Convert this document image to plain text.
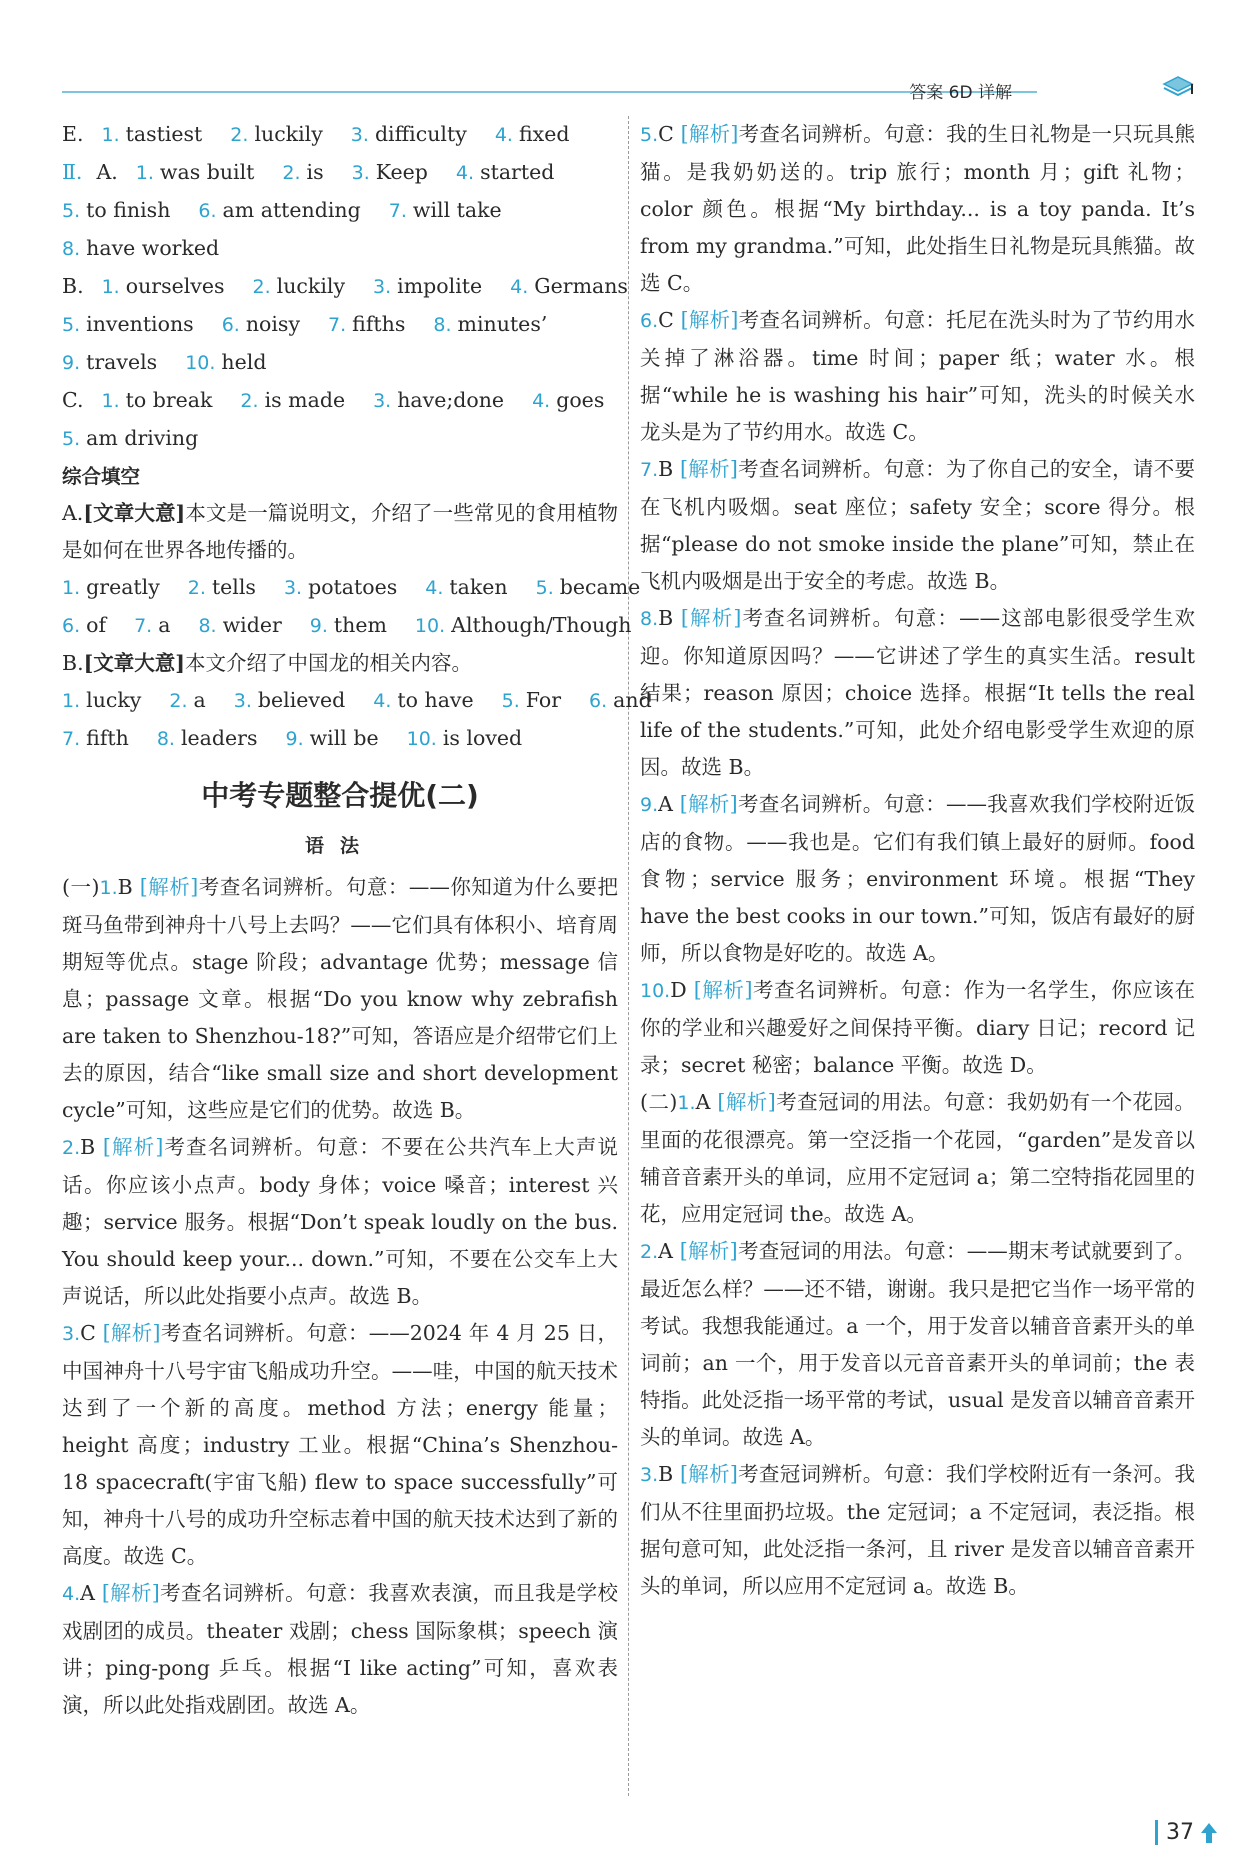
答案 6D 详解
E. 1. tastiest 2. luckily 3. difficulty 4. fixed
Ⅱ. A. 1. was built 2. is 3. Keep 4. started
5. to finish 6. am attending 7. will take
8. have worked
B. 1. ourselves 2. luckily 3. impolite 4. Germans
5. inventions 6. noisy 7. fifths 8. minutes’
9. travels 10. held
C. 1. to break 2. is made 3. have;done 4. goes
5. am driving
综合填空
A.[文章大意]本文是一篇说明文，介绍了一些常见的食用植物是如何在世界各地传播的。
1. greatly 2. tells 3. potatoes 4. taken 5. became
6. of 7. a 8. wider 9. them 10. Although/Though
B.[文章大意]本文介绍了中国龙的相关内容。
1. lucky 2. a 3. believed 4. to have 5. For 6. and
7. fifth 8. leaders 9. will be 10. is loved
中考专题整合提优(二)
语法
(一)1.B [解析]考查名词辨析。句意：——你知道为什么要把斑马鱼带到神舟十八号上去吗？——它们具有体积小、培育周期短等优点。stage 阶段；advantage 优势；message 信息；passage 文章。根据“Do you know why zebrafish are taken to Shenzhou-18?”可知，答语应是介绍带它们上去的原因，结合“like small size and short development cycle”可知，这些应是它们的优势。故选 B。
2.B [解析]考查名词辨析。句意：不要在公共汽车上大声说话。你应该小点声。body 身体；voice 嗓音；interest 兴趣；service 服务。根据“Don’t speak loudly on the bus. You should keep your... down.”可知，不要在公交车上大声说话，所以此处指要小点声。故选 B。
3.C [解析]考查名词辨析。句意：——2024 年 4 月 25 日，中国神舟十八号宇宙飞船成功升空。——哇，中国的航天技术达到了一个新的高度。method 方法；energy 能量；height 高度；industry 工业。根据“China’s Shenzhou-18 spacecraft(宇宙飞船) flew to space successfully”可知，神舟十八号的成功升空标志着中国的航天技术达到了新的高度。故选 C。
4.A [解析]考查名词辨析。句意：我喜欢表演，而且我是学校戏剧团的成员。theater 戏剧；chess 国际象棋；speech 演讲；ping-pong 乒乓。根据“I like acting”可知，喜欢表演，所以此处指戏剧团。故选 A。
5.C [解析]考查名词辨析。句意：我的生日礼物是一只玩具熊猫。是我奶奶送的。trip 旅行；month 月；gift 礼物；color 颜色。根据“My birthday... is a toy panda. It’s from my grandma.”可知，此处指生日礼物是玩具熊猫。故选 C。
6.C [解析]考查名词辨析。句意：托尼在洗头时为了节约用水关掉了淋浴器。time 时间；paper 纸；water 水。根据“while he is washing his hair”可知，洗头的时候关水龙头是为了节约用水。故选 C。
7.B [解析]考查名词辨析。句意：为了你自己的安全，请不要在飞机内吸烟。seat 座位；safety 安全；score 得分。根据“please do not smoke inside the plane”可知，禁止在飞机内吸烟是出于安全的考虑。故选 B。
8.B [解析]考查名词辨析。句意：——这部电影很受学生欢迎。你知道原因吗？——它讲述了学生的真实生活。result 结果；reason 原因；choice 选择。根据“It tells the real life of the students.”可知，此处介绍电影受学生欢迎的原因。故选 B。
9.A [解析]考查名词辨析。句意：——我喜欢我们学校附近饭店的食物。——我也是。它们有我们镇上最好的厨师。food 食物；service 服务；environment 环境。根据“They have the best cooks in our town.”可知，饭店有最好的厨师，所以食物是好吃的。故选 A。
10.D [解析]考查名词辨析。句意：作为一名学生，你应该在你的学业和兴趣爱好之间保持平衡。diary 日记；record 记录；secret 秘密；balance 平衡。故选 D。
(二)1.A [解析]考查冠词的用法。句意：我奶奶有一个花园。里面的花很漂亮。第一空泛指一个花园，“garden”是发音以辅音音素开头的单词，应用不定冠词 a；第二空特指花园里的花，应用定冠词 the。故选 A。
2.A [解析]考查冠词的用法。句意：——期末考试就要到了。最近怎么样？——还不错，谢谢。我只是把它当作一场平常的考试。我想我能通过。a 一个，用于发音以辅音音素开头的单词前；an 一个，用于发音以元音音素开头的单词前；the 表特指。此处泛指一场平常的考试，usual 是发音以辅音音素开头的单词。故选 A。
3.B [解析]考查冠词辨析。句意：我们学校附近有一条河。我们从不往里面扔垃圾。the 定冠词；a 不定冠词，表泛指。根据句意可知，此处泛指一条河，且 river 是发音以辅音音素开头的单词，所以应用不定冠词 a。故选 B。
37
